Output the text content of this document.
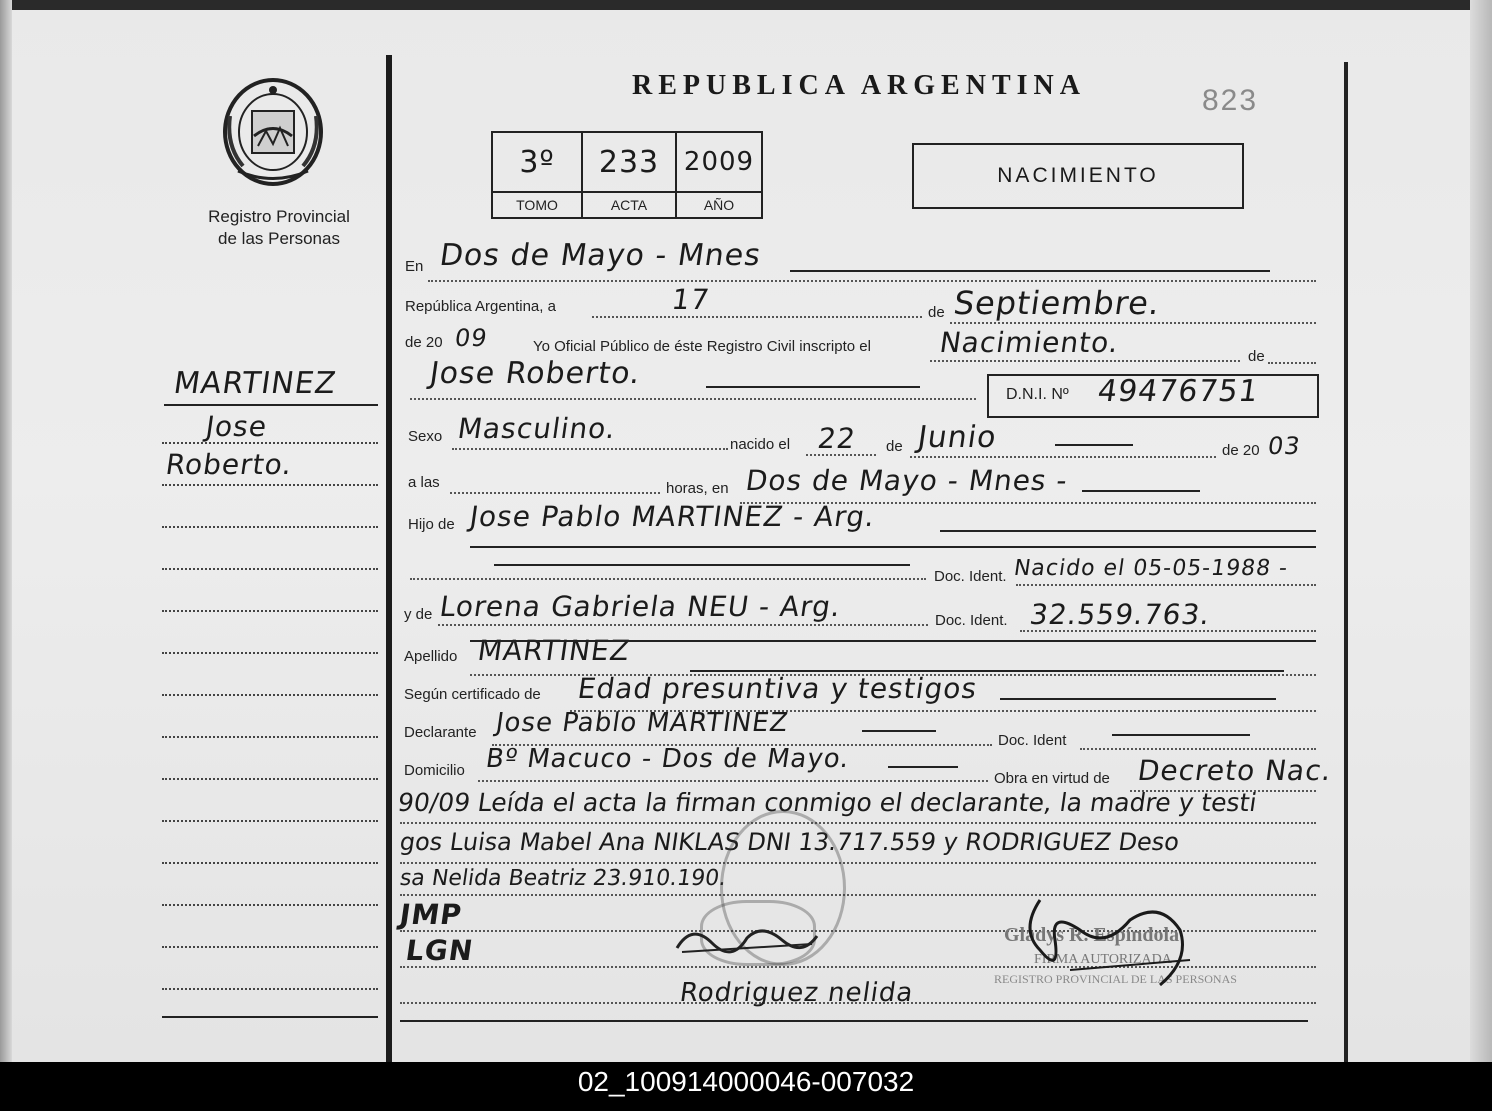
Registro Provincial
de las Personas
REPUBLICA ARGENTINA	823
3º	233	2009
TOMO	ACTA	AÑO
NACIMIENTO
MARTINEZ
Jose
Roberto.
En Dos de Mayo - Mnes
República Argentina, a	17	de Septiembre.
de 20 09	Yo Oficial Público de éste Registro Civil inscripto el Nacimiento.	de
Jose Roberto.
D.N.I. Nº 49476751
Sexo Masculino.	nacido el 22 de Junio	de 20 03
a las	horas, en Dos de Mayo - Mnes -
Hijo de Jose Pablo MARTINEZ - Arg.
Doc. Ident. Nacido el 05-05-1988 -
y de Lorena Gabriela NEU - Arg.	Doc. Ident. 32.559.763.
Apellido MARTINEZ
Según certificado de Edad presuntiva y testigos
Declarante Jose Pablo MARTINEZ
Doc. Ident
Domicilio Bº Macuco - Dos de Mayo.
Obra en virtud de Decreto Nac.
90/09 Leída el acta la firman conmigo el declarante, la madre y testi
gos Luisa Mabel Ana NIKLAS DNI 13.717.559 y RODRIGUEZ Deso
sa Nelida Beatriz 23.910.190.
JMP
LGN
Rodriguez nelida
Gladys R. Espíndola
FIRMA AUTORIZADA
REGISTRO PROVINCIAL DE LAS PERSONAS
02_100914000046-007032
